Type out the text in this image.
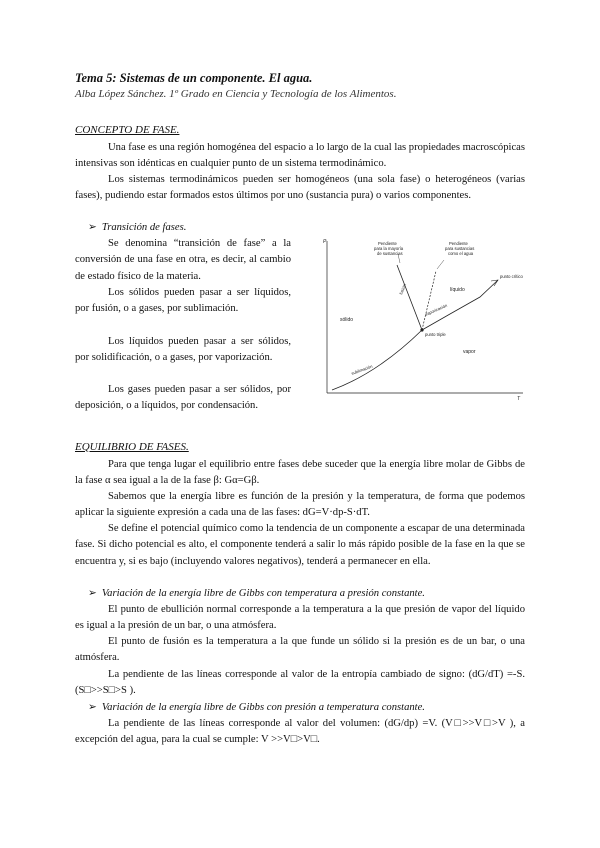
Tema 5: Sistemas de un componente. El agua.
Alba López Sánchez. 1º Grado en Ciencia y Tecnología de los Alimentos.
CONCEPTO DE FASE.

Una fase es una región homogénea del espacio a lo largo de la cual las propiedades macroscópicas intensivas son idénticas en cualquier punto de un sistema termodinámico.

Los sistemas termodinámicos pueden ser homogéneos (una sola fase) o heterogéneos (varias fases), pudiendo estar formados estos últimos por uno (sustancia pura) o varios componentes.

➢ Transición de fases.

Se denomina “transición de fase” a la conversión de una fase en otra, es decir, al cambio de estado físico de la materia.

Los sólidos pueden pasar a ser líquidos, por fusión, o a gases, por sublimación.

Los líquidos pueden pasar a ser sólidos, por solidificación, o a gases, por vaporización.

Los gases pueden pasar a ser sólidos, por deposición, o a líquidos, por condensación.

P
T
Pendiente
para la mayoría
de sustancias
Pendiente
para sustancias
como el agua
punto crítico
sólido
líquido
vapor
punto triple
fusión
vaporización
sublimación
EQUILIBRIO DE FASES.

Para que tenga lugar el equilibrio entre fases debe suceder que la energía libre molar de Gibbs de la fase α sea igual a la de la fase β: Gα=Gβ.

Sabemos que la energía libre es función de la presión y la temperatura, de forma que podemos aplicar la siguiente expresión a cada una de las fases: dG=V·dp-S·dT.

Se define el potencial químico como la tendencia de un componente a escapar de una determinada fase. Si dicho potencial es alto, el componente tenderá a salir lo más rápido posible de la fase en la que se encuentra y, si es bajo (incluyendo valores negativos), tenderá a permanecer en ella.

➢ Variación de la energía libre de Gibbs con temperatura a presión constante.

El punto de ebullición normal corresponde a la temperatura a la que presión de vapor del líquido es igual a la presión de un bar, o una atmósfera.

El punto de fusión es la temperatura a la que funde un sólido si la presión es de un bar, o una atmósfera.

La pendiente de las líneas corresponde al valor de la entropía cambiado de signo: (dG/dT) =-S. (S□>>S□>S ).

➢ Variación de la energía libre de Gibbs con presión a temperatura constante.

La pendiente de las líneas corresponde al valor del volumen: (dG/dp) =V. (V□>>V□>V ), a excepción del agua, para la cual se cumple: V >>V□>V□.
